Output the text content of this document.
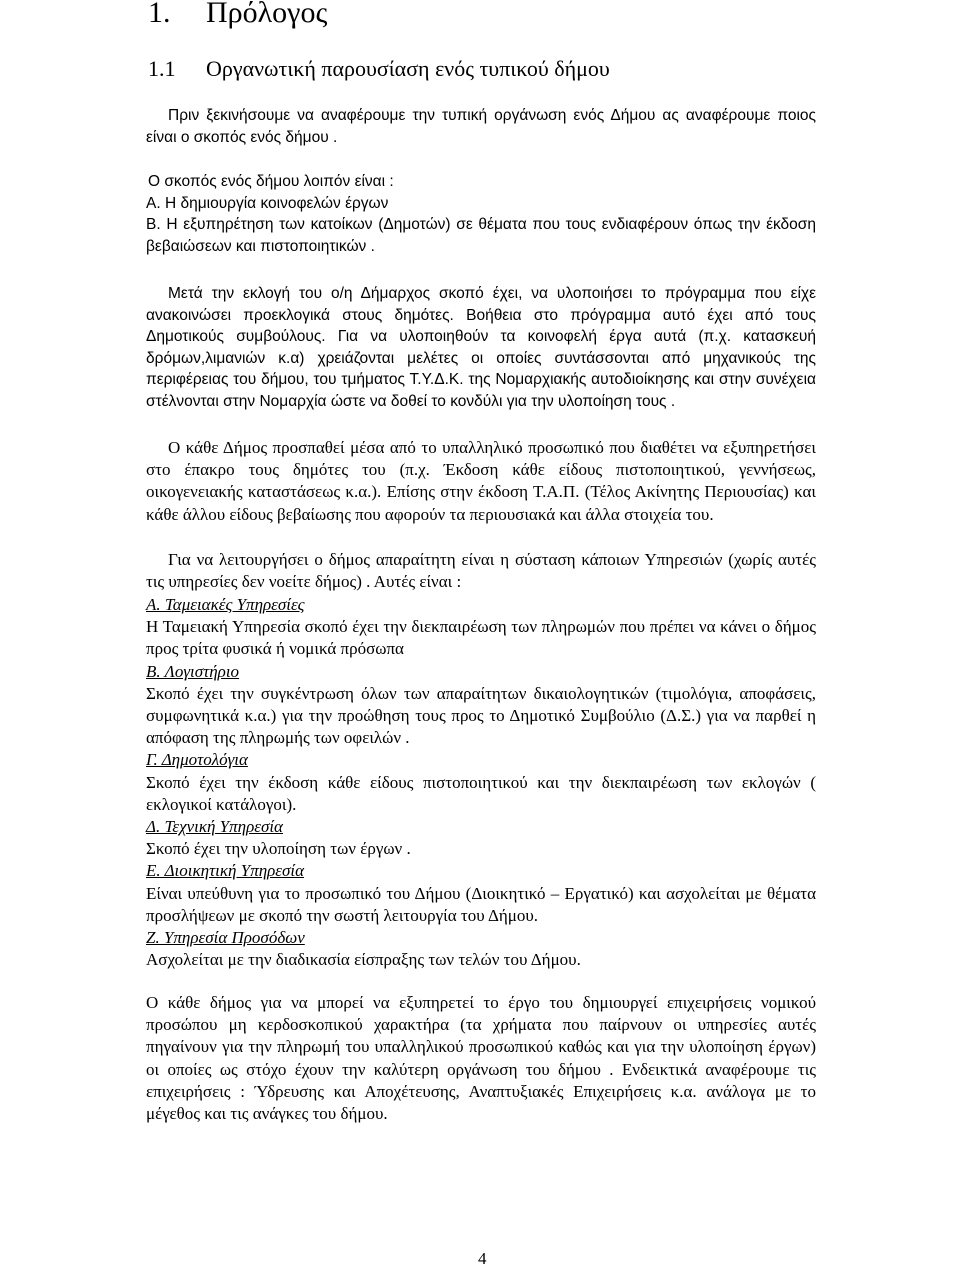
1. Πρόλογος
1.1 Οργανωτική παρουσίαση ενός τυπικού δήμου

Πριν ξεκινήσουμε να αναφέρουμε την τυπική οργάνωση ενός Δήμου ας αναφέρουμε ποιος είναι ο σκοπός ενός δήμου .

Ο σκοπός ενός δήμου λοιπόν είναι :
Α. Η δημιουργία κοινοφελών έργων
Β. Η εξυπηρέτηση των κατοίκων (Δημοτών) σε θέματα που τους ενδιαφέρουν όπως την έκδοση βεβαιώσεων και πιστοποιητικών .

Μετά την εκλογή του ο/η Δήμαρχος σκοπό έχει, να υλοποιήσει το πρόγραμμα που είχε ανακοινώσει προεκλογικά στους δημότες. Βοήθεια στο πρόγραμμα αυτό έχει από τους Δημοτικούς συμβούλους. Για να υλοποιηθούν τα κοινοφελή έργα αυτά (π.χ. κατασκευή δρόμων,λιμανιών κ.α) χρειάζονται μελέτες οι οποίες συντάσσονται από μηχανικούς της περιφέρειας του δήμου, του τμήματος Τ.Υ.Δ.Κ. της Νομαρχιακής αυτοδιοίκησης και στην συνέχεια στέλνονται στην Νομαρχία ώστε να δοθεί το κονδύλι για την υλοποίηση τους .

Ο κάθε Δήμος προσπαθεί μέσα από το υπαλληλικό προσωπικό που διαθέτει να εξυπηρετήσει στο έπακρο τους δημότες του (π.χ. Έκδοση κάθε είδους πιστοποιητικού, γεννήσεως, οικογενειακής καταστάσεως κ.α.). Επίσης στην έκδοση Τ.Α.Π. (Τέλος Ακίνητης Περιουσίας) και κάθε άλλου είδους βεβαίωσης που αφορούν τα περιουσιακά και άλλα στοιχεία του.

Για να λειτουργήσει ο δήμος απαραίτητη είναι η σύσταση κάποιων Υπηρεσιών (χωρίς αυτές τις υπηρεσίες δεν νοείτε δήμος) . Αυτές είναι :

Α. Ταμειακές Υπηρεσίες
Η Ταμειακή Υπηρεσία σκοπό έχει την διεκπαιρέωση των πληρωμών που πρέπει να κάνει ο δήμος προς τρίτα φυσικά ή νομικά πρόσωπα
Β. Λογιστήριο
Σκοπό έχει την συγκέντρωση όλων των απαραίτητων δικαιολογητικών (τιμολόγια, αποφάσεις, συμφωνητικά κ.α.) για την προώθηση τους προς το Δημοτικό Συμβούλιο (Δ.Σ.) για να παρθεί η απόφαση της πληρωμής των οφειλών .
Γ. Δημοτολόγια
Σκοπό έχει την έκδοση κάθε είδους πιστοποιητικού και την διεκπαιρέωση των εκλογών ( εκλογικοί κατάλογοι).
Δ. Τεχνική Υπηρεσία
Σκοπό έχει την υλοποίηση των έργων .
Ε. Διοικητική Υπηρεσία
Είναι υπεύθυνη για το προσωπικό του Δήμου (Διοικητικό – Εργατικό) και ασχολείται με θέματα προσλήψεων με σκοπό την σωστή λειτουργία του Δήμου.
Ζ. Υπηρεσία Προσόδων
Ασχολείται με την διαδικασία είσπραξης των τελών του Δήμου.

Ο κάθε δήμος για να μπορεί να εξυπηρετεί το έργο του δημιουργεί επιχειρήσεις νομικού προσώπου μη κερδοσκοπικού χαρακτήρα (τα χρήματα που παίρνουν οι υπηρεσίες αυτές πηγαίνουν για την πληρωμή του υπαλληλικού προσωπικού καθώς και για την υλοποίηση έργων) οι οποίες ως στόχο έχουν την καλύτερη οργάνωση του δήμου . Ενδεικτικά αναφέρουμε τις επιχειρήσεις : Ύδρευσης και Αποχέτευσης, Αναπτυξιακές Επιχειρήσεις κ.α. ανάλογα με το μέγεθος και τις ανάγκες του δήμου.

4
